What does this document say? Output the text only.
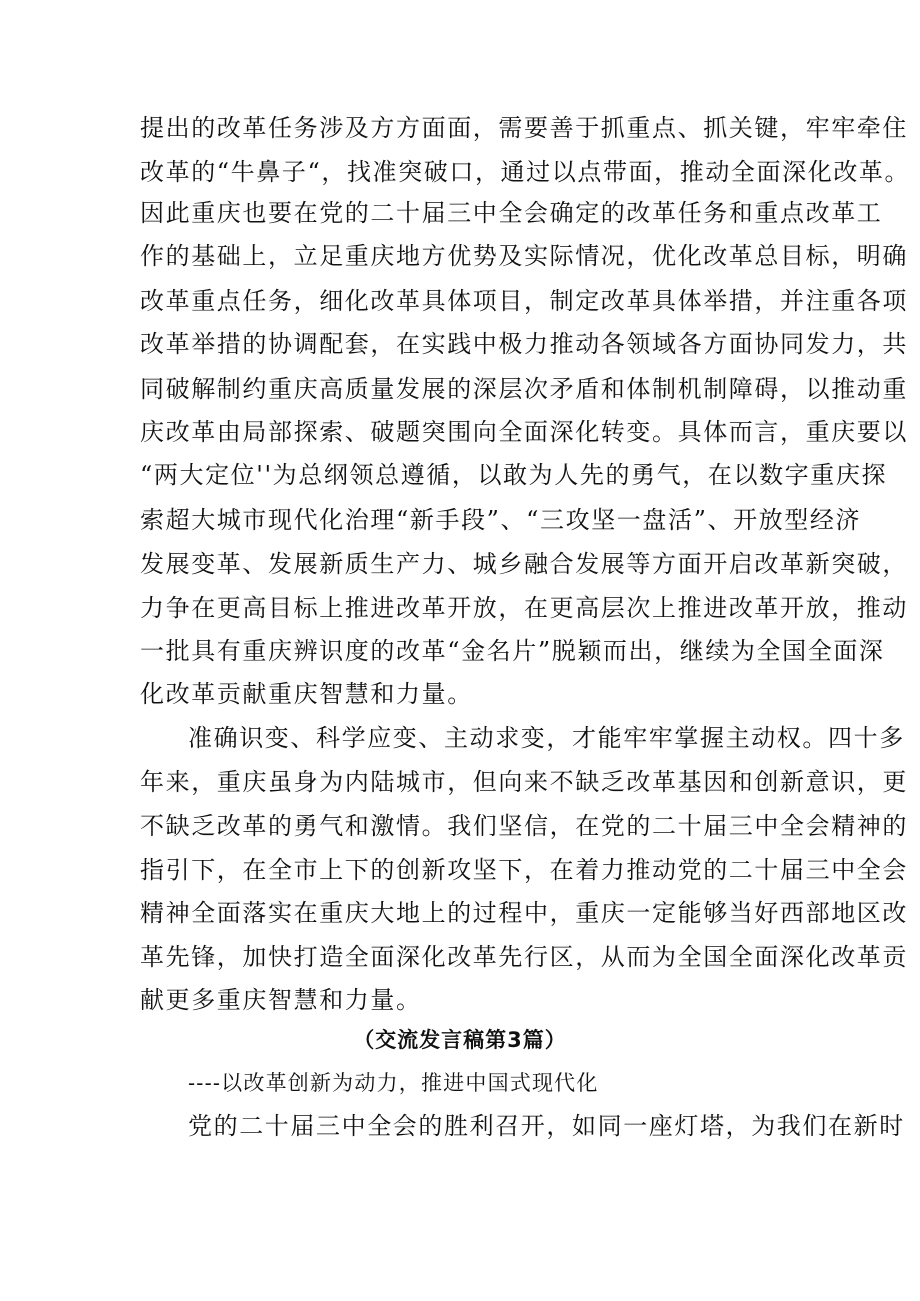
提出的改革任务涉及方方面面，需要善于抓重点、抓关键，牢牢牵住
改革的“牛鼻子“，找准突破口，通过以点带面，推动全面深化改革。
因此重庆也要在党的二十届三中全会确定的改革任务和重点改革工
作的基础上，立足重庆地方优势及实际情况，优化改革总目标，明确
改革重点任务，细化改革具体项目，制定改革具体举措，并注重各项
改革举措的协调配套，在实践中极力推动各领域各方面协同发力，共
同破解制约重庆高质量发展的深层次矛盾和体制机制障碍，以推动重
庆改革由局部探索、破题突围向全面深化转变。具体而言，重庆要以
“两大定位''为总纲领总遵循，以敢为人先的勇气，在以数字重庆探
索超大城市现代化治理“新手段”、“三攻坚一盘活”、开放型经济
发展变革、发展新质生产力、城乡融合发展等方面开启改革新突破，
力争在更高目标上推进改革开放，在更高层次上推进改革开放，推动
一批具有重庆辨识度的改革“金名片”脱颖而出，继续为全国全面深
化改革贡献重庆智慧和力量。
准确识变、科学应变、主动求变，才能牢牢掌握主动权。四十多
年来，重庆虽身为内陆城市，但向来不缺乏改革基因和创新意识，更
不缺乏改革的勇气和激情。我们坚信，在党的二十届三中全会精神的
指引下，在全市上下的创新攻坚下，在着力推动党的二十届三中全会
精神全面落实在重庆大地上的过程中，重庆一定能够当好西部地区改
革先锋，加快打造全面深化改革先行区，从而为全国全面深化改革贡
献更多重庆智慧和力量。
（交流发言稿第3篇）
----以改革创新为动力，推进中国式现代化
党的二十届三中全会的胜利召开，如同一座灯塔，为我们在新时
